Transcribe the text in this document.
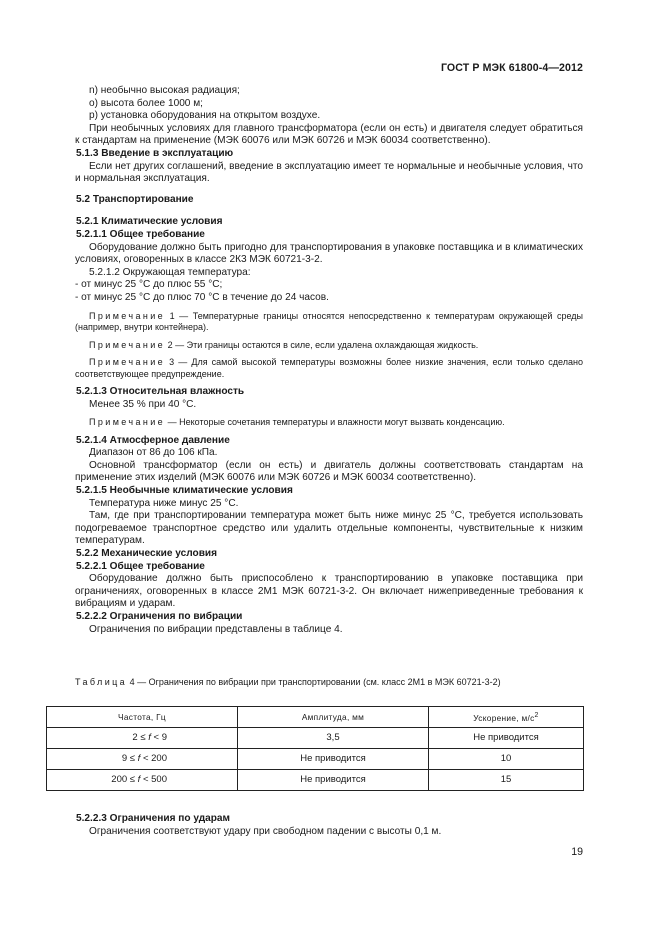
ГОСТ Р МЭК 61800-4—2012

n) необычно высокая радиация;

о) высота более 1000 м;

р) установка оборудования на открытом воздухе.

При необычных условиях для главного трансформатора (если он есть) и двигателя следует обратиться к стандартам на применение (МЭК 60076 или МЭК 60726 и МЭК 60034 соответственно).

5.1.3 Введение в эксплуатацию

Если нет других соглашений, введение в эксплуатацию имеет те нормальные и необычные условия, что и нормальная эксплуатация.

5.2 Транспортирование

5.2.1 Климатические условия

5.2.1.1 Общее требование

Оборудование должно быть пригодно для транспортирования в упаковке поставщика и в климатических условиях, оговоренных в классе 2К3 МЭК 60721-3-2.

5.2.1.2 Окружающая температура:

- от минус 25 °С до плюс 55 °С;

- от минус 25 °С до плюс 70 °С в течение до 24 часов.

Примечание 1 — Температурные границы относятся непосредственно к температурам окружающей среды (например, внутри контейнера).

Примечание 2 — Эти границы остаются в силе, если удалена охлаждающая жидкость.

Примечание 3 — Для самой высокой температуры возможны более низкие значения, если только сделано соответствующее предупреждение.

5.2.1.3 Относительная влажность

Менее 35 % при 40 °С.

Примечание — Некоторые сочетания температуры и влажности могут вызвать конденсацию.

5.2.1.4 Атмосферное давление

Диапазон от 86 до 106 кПа.

Основной трансформатор (если он есть) и двигатель должны соответствовать стандартам на применение этих изделий (МЭК 60076 или МЭК 60726 и МЭК 60034 соответственно).

5.2.1.5 Необычные климатические условия

Температура ниже минус 25 °С.

Там, где при транспортировании температура может быть ниже минус 25 °С, требуется использовать подогреваемое транспортное средство или удалить отдельные компоненты, чувствительные к низким температурам.

5.2.2 Механические условия

5.2.2.1 Общее требование

Оборудование должно быть приспособлено к транспортированию в упаковке поставщика при ограничениях, оговоренных в классе 2М1 МЭК 60721-3-2. Он включает нижеприведенные требования к вибрациям и ударам.

5.2.2.2 Ограничения по вибрации

Ограничения по вибрации представлены в таблице 4.

Таблица 4 — Ограничения по вибрации при транспортировании (см. класс 2М1 в МЭК 60721-3-2)
Частота, Гц	Амплитуда, мм	Ускорение, $м/с^2$
2 ≤ f < 9	3,5	Не приводится
9 ≤ f < 200	Не приводится	10
200 ≤ f < 500	Не приводится	15

5.2.2.3 Ограничения по ударам

Ограничения соответствуют удару при свободном падении с высоты 0,1 м.

19
